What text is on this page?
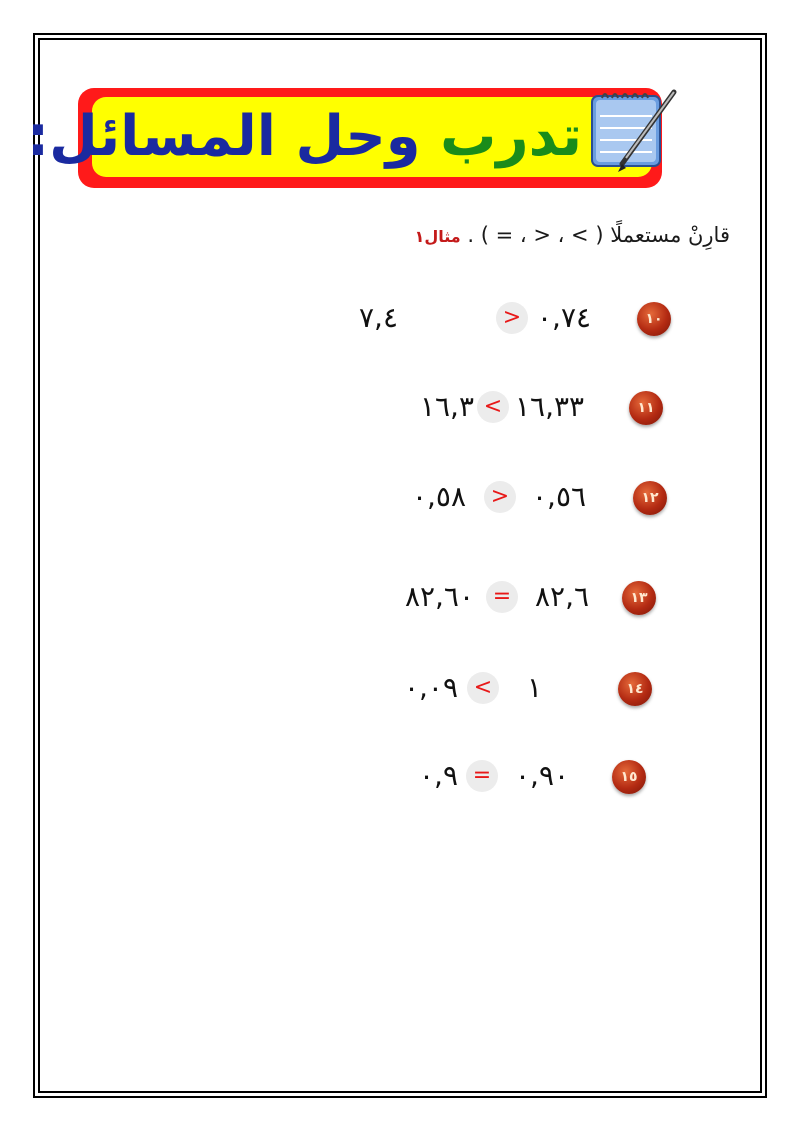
تدرب وحل المسائل:
قارِنْ مستعملًا ( > ، < ، = ) . مثال١
٧,٤	> ٠,٧٤	١٠
١٦,٣ < ١٦,٣٣	١١
٠,٥٨	> ٠,٥٦	١٢
٨٢,٦٠ = ٨٢,٦	١٣
٠,٠٩ < ١	١٤
٠,٩ = ٠,٩٠	١٥
